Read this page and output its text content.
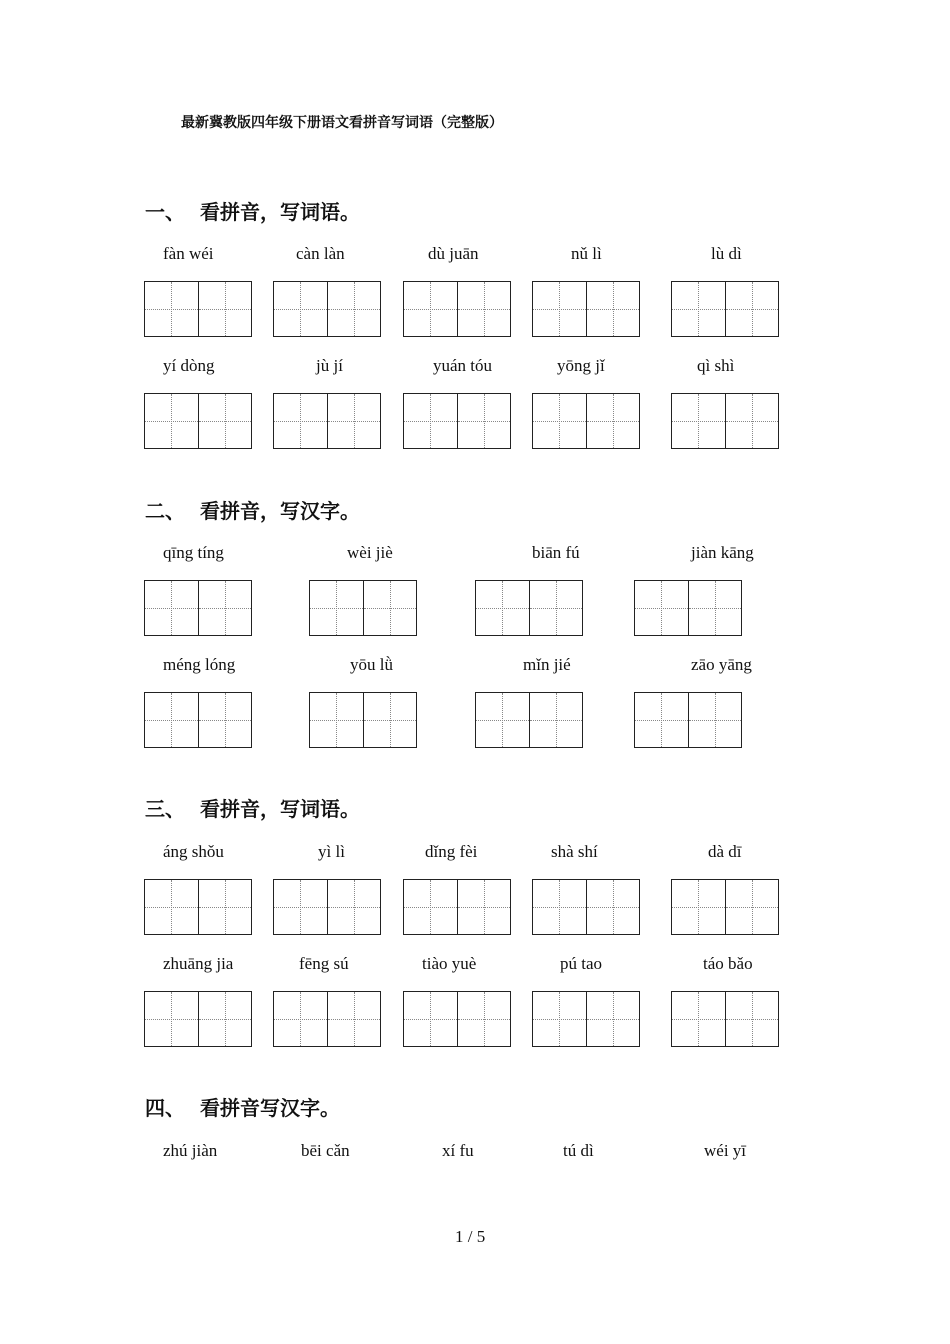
最新冀教版四年级下册语文看拼音写词语（完整版）
一、 看拼音，写词语。
fàn wéi	càn làn	dù juān	nǔ lì	lù dì
yí dòng	jù jí	yuán tóu	yōng jǐ	qì shì
二、 看拼音，写汉字。
qīng tíng	wèi jiè	biān fú	jiàn kāng
méng lóng	yōu lǜ	mǐn jié	zāo yāng
三、 看拼音，写词语。
áng shǒu	yì lì	dǐng fèi	shà shí	dà dī
zhuāng jia	fēng sú	tiào yuè	pú tao	táo bǎo
四、 看拼音写汉字。
zhú jiàn	bēi cǎn	xí fu	tú dì	wéi yī
1 / 5
